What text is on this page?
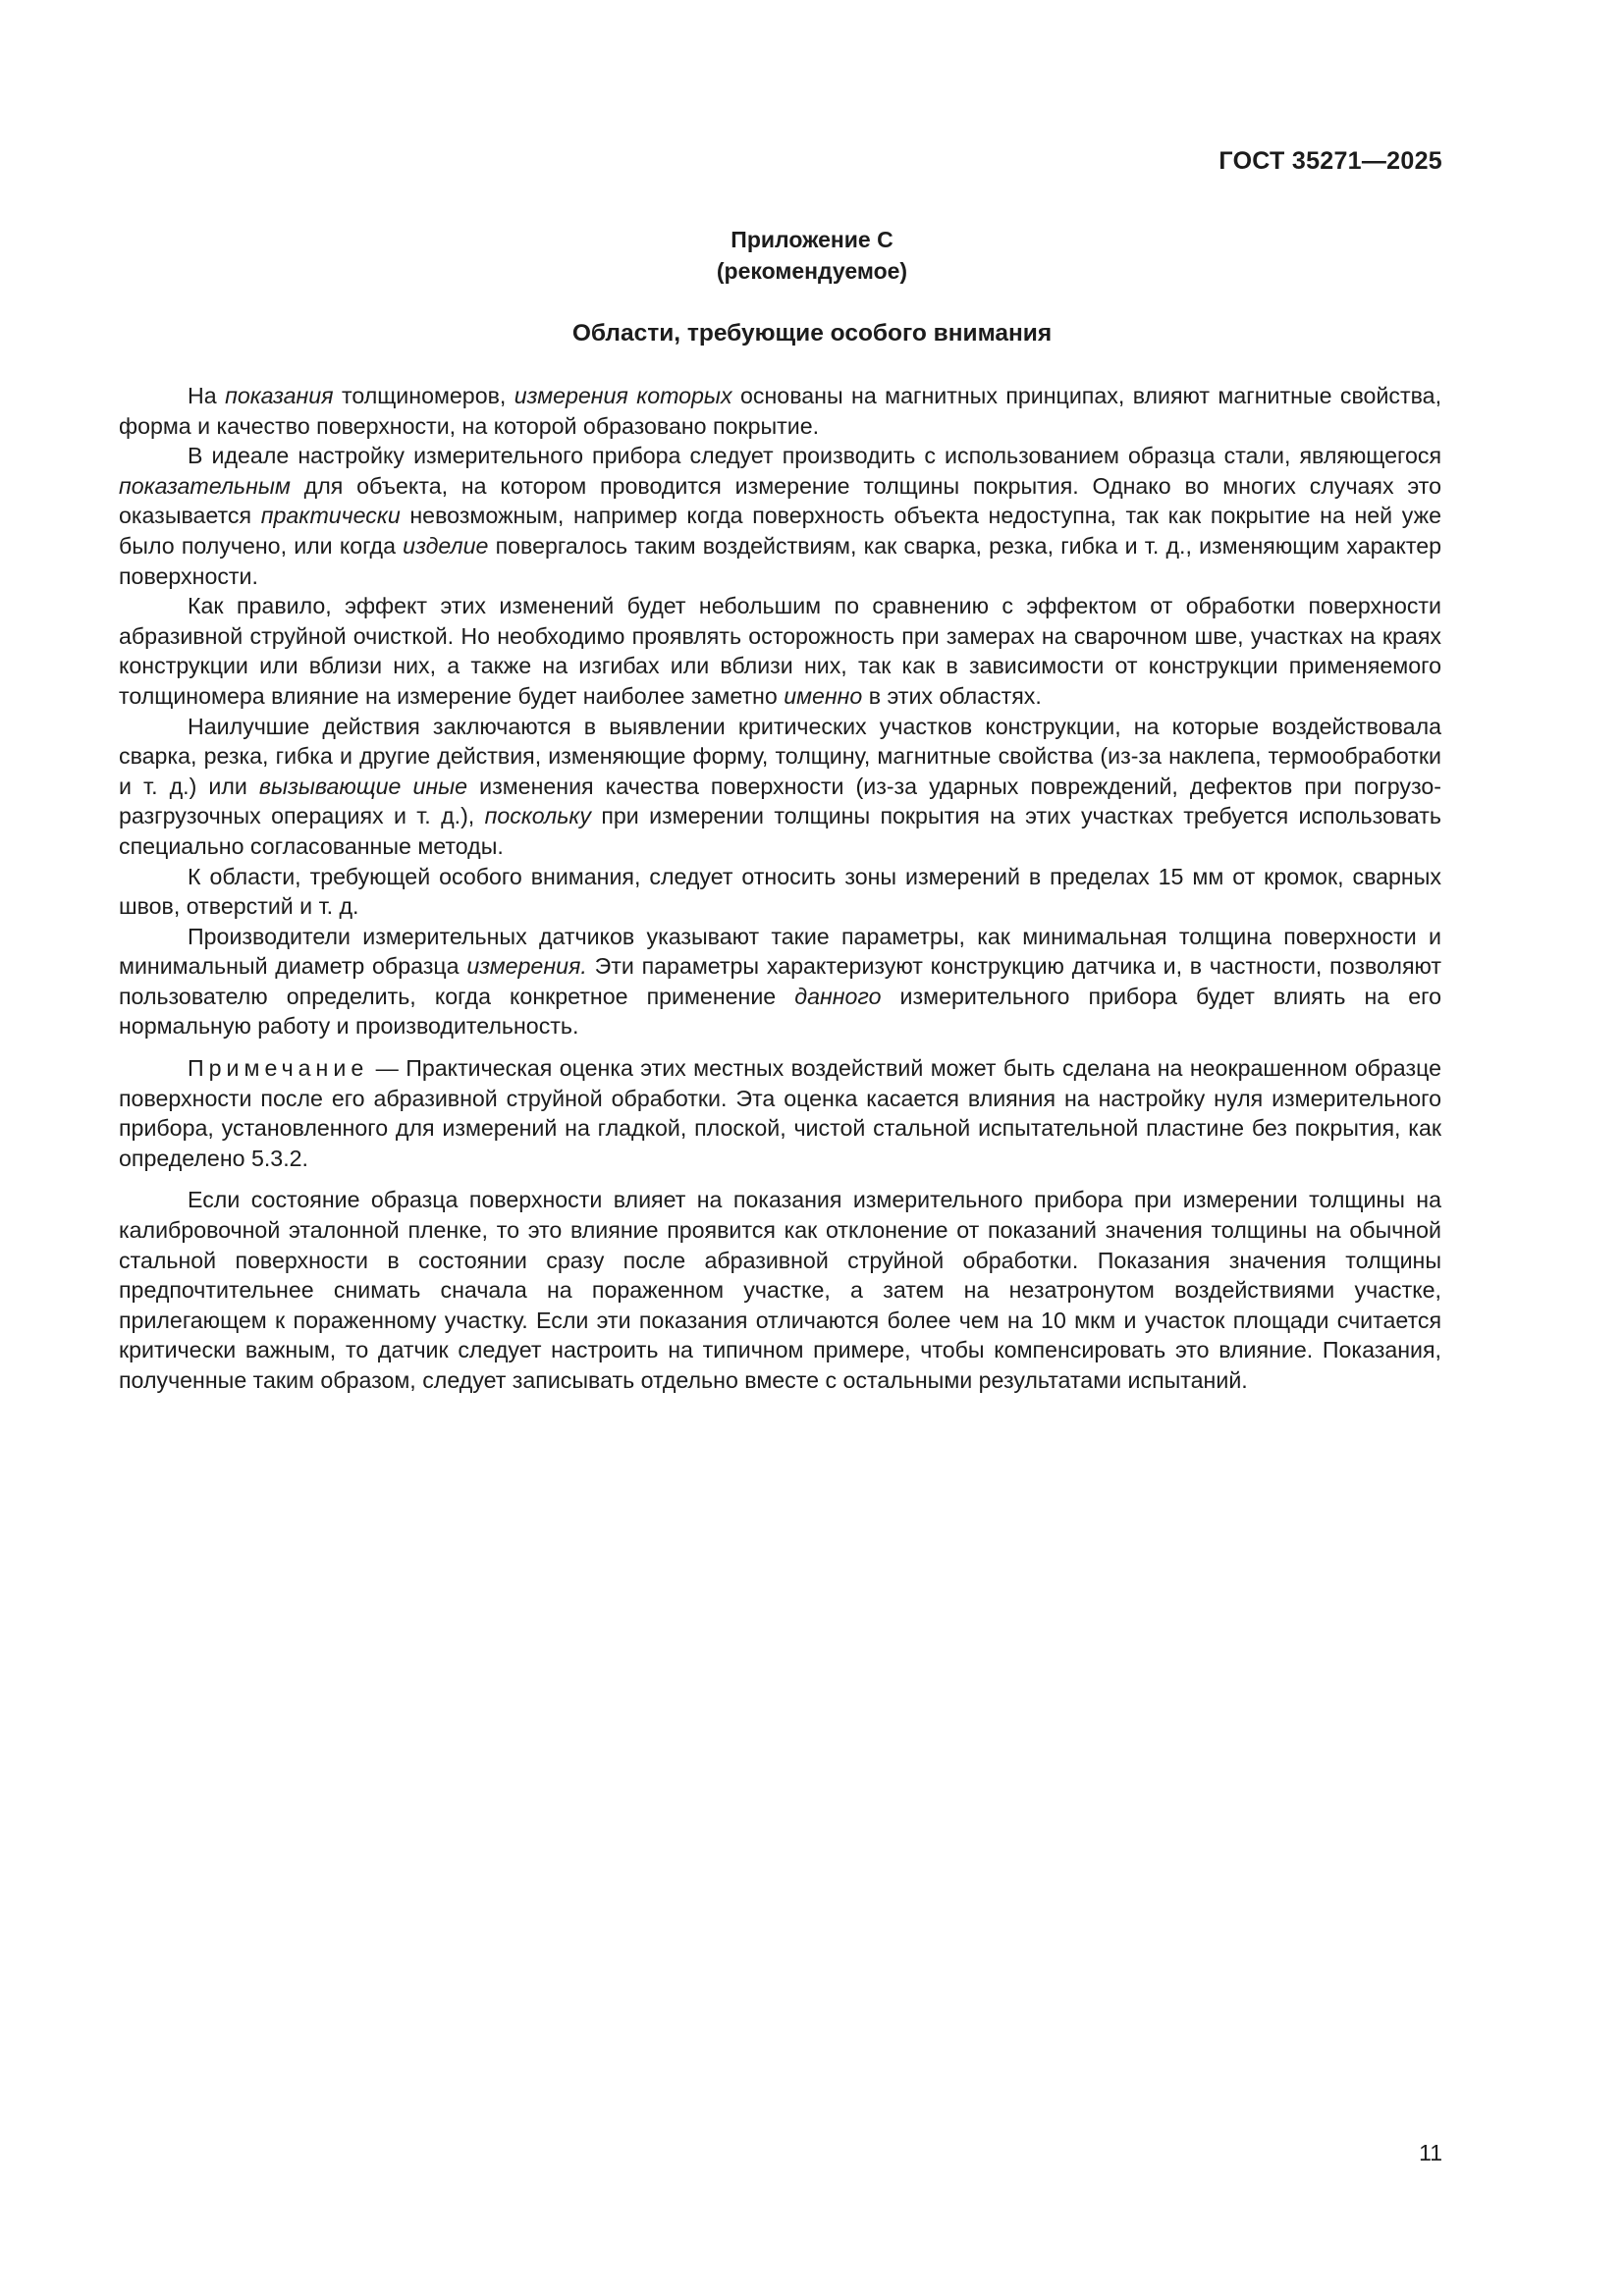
ГОСТ 35271—2025
Приложение С
(рекомендуемое)
Области, требующие особого внимания

На показания толщиномеров, измерения которых основаны на магнитных принципах, влияют магнитные свойства, форма и качество поверхности, на которой образовано покрытие.

В идеале настройку измерительного прибора следует производить с использованием образца стали, являющегося показательным для объекта, на котором проводится измерение толщины покрытия. Однако во многих случаях это оказывается практически невозможным, например когда поверхность объекта недоступна, так как покрытие на ней уже было получено, или когда изделие повергалось таким воздействиям, как сварка, резка, гибка и т. д., изменяющим характер поверхности.

Как правило, эффект этих изменений будет небольшим по сравнению с эффектом от обработки поверхности абразивной струйной очисткой. Но необходимо проявлять осторожность при замерах на сварочном шве, участках на краях конструкции или вблизи них, а также на изгибах или вблизи них, так как в зависимости от конструкции применяемого толщиномера влияние на измерение будет наиболее заметно именно в этих областях.

Наилучшие действия заключаются в выявлении критических участков конструкции, на которые воздействовала сварка, резка, гибка и другие действия, изменяющие форму, толщину, магнитные свойства (из-за наклепа, термообработки и т. д.) или вызывающие иные изменения качества поверхности (из-за ударных повреждений, дефектов при погрузо-разгрузочных операциях и т. д.), поскольку при измерении толщины покрытия на этих участках требуется использовать специально согласованные методы.

К области, требующей особого внимания, следует относить зоны измерений в пределах 15 мм от кромок, сварных швов, отверстий и т. д.

Производители измерительных датчиков указывают такие параметры, как минимальная толщина поверхности и минимальный диаметр образца измерения. Эти параметры характеризуют конструкцию датчика и, в частности, позволяют пользователю определить, когда конкретное применение данного измерительного прибора будет влиять на его нормальную работу и производительность.

Примечание — Практическая оценка этих местных воздействий может быть сделана на неокрашенном образце поверхности после его абразивной струйной обработки. Эта оценка касается влияния на настройку нуля измерительного прибора, установленного для измерений на гладкой, плоской, чистой стальной испытательной пластине без покрытия, как определено 5.3.2.

Если состояние образца поверхности влияет на показания измерительного прибора при измерении толщины на калибровочной эталонной пленке, то это влияние проявится как отклонение от показаний значения толщины на обычной стальной поверхности в состоянии сразу после абразивной струйной обработки. Показания значения толщины предпочтительнее снимать сначала на пораженном участке, а затем на незатронутом воздействиями участке, прилегающем к пораженному участку. Если эти показания отличаются более чем на 10 мкм и участок площади считается критически важным, то датчик следует настроить на типичном примере, чтобы компенсировать это влияние. Показания, полученные таким образом, следует записывать отдельно вместе с остальными результатами испытаний.

11
